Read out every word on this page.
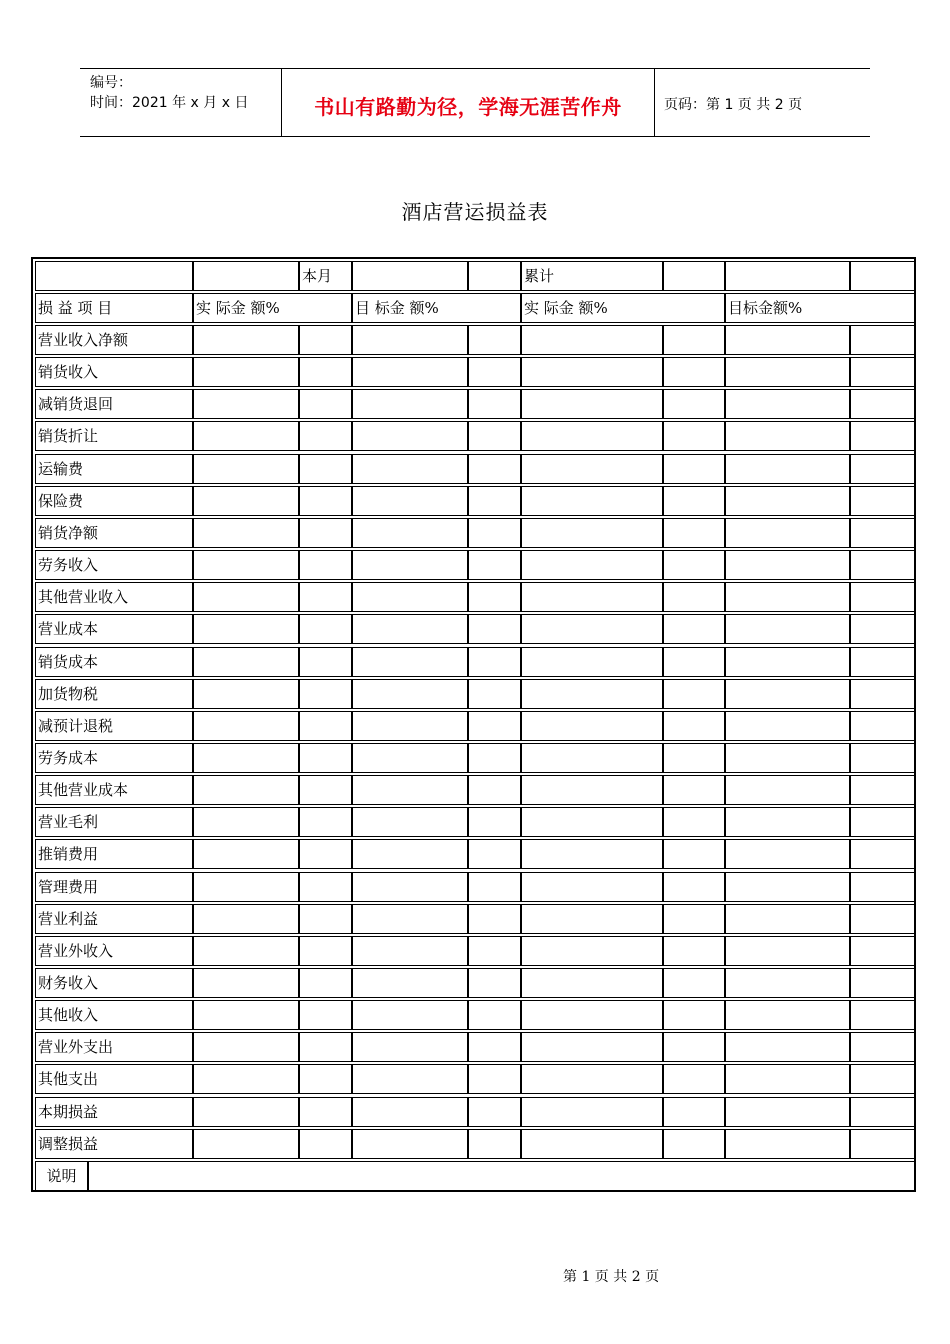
编号：
时间：2021 年 x 月 x 日	书山有路勤为径，学海无涯苦作舟	页码：第 1 页 共 2 页
酒店营运损益表
本月	累计
损 益 项 目	实 际金 额%	目 标金 额%	实 际金 额%	目标金额%
营业收入净额
销货收入
减销货退回
销货折让
运输费
保险费
销货净额
劳务收入
其他营业收入
营业成本
销货成本
加货物税
减预计退税
劳务成本
其他营业成本
营业毛利
推销费用
管理费用
营业利益
营业外收入
财务收入
其他收入
营业外支出
其他支出
本期损益
调整损益
说明
第 1 页 共 2 页
